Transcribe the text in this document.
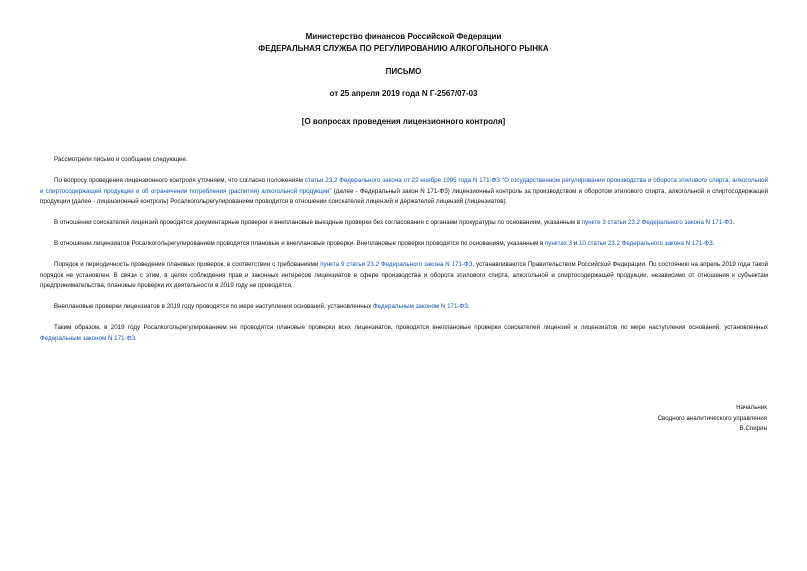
Министерство финансов Российской Федерации
ФЕДЕРАЛЬНАЯ СЛУЖБА ПО РЕГУЛИРОВАНИЮ АЛКОГОЛЬНОГО РЫНКА
ПИСЬМО
от 25 апреля 2019 года N Г-2567/07-03
[О вопросах проведения лицензионного контроля]

Рассмотрели письмо и сообщаем следующее.

По вопросу проведения лицензионного контроля уточняем, что согласно положениям статьи 23.2 Федерального закона от 22 ноября 1995 года N 171-ФЗ "О государственном регулировании производства и оборота этилового спирта, алкогольной и спиртосодержащей продукции и об ограничении потребления (распития) алкогольной продукции" (далее - Федеральный закон N 171-ФЗ) лицензионный контроль за производством и оборотом этилового спирта, алкогольной и спиртосодержащей продукции (далее - лицензионный контроль) Росалкогольрегулированием проводится в отношении соискателей лицензий и держателей лицензий (лицензиатов).

В отношении соискателей лицензий проводятся документарные проверки и внеплановые выездные проверки без согласования с органами прокуратуры по основаниям, указанным в пункте 3 статьи 23.2 Федерального закона N 171-ФЗ.

В отношении лицензиатов Росалкогольрегулированием проводятся плановые и внеплановые проверки. Внеплановые проверки проводятся по основаниям, указанным в пунктах 3 и 10 статьи 23.2 Федерального закона N 171-ФЗ.

Порядок и периодичность проведения плановых проверок, в соответствии с требованиями пункта 9 статьи 23.2 Федерального закона N 171-ФЗ, устанавливаются Правительством Российской Федерации. По состоянию на апрель 2019 года такой порядок не установлен. В связи с этим, в целях соблюдения прав и законных интересов лицензиатов в сфере производства и оборота этилового спирта, алкогольной и спиртосодержащей продукции, независимо от отношения к субъектам предпринимательства, плановые проверки их деятельности в 2019 году не проводятся.

Внеплановые проверки лицензиатов в 2019 году проводятся по мере наступления оснований, установленных Федеральным законом N 171-ФЗ.

Таким образом, в 2019 году Росалкогольрегулированием не проводятся плановые проверки всех лицензиатов, проводятся внеплановые проверки соискателей лицензий и лицензиатов по мере наступления оснований, установленных Федеральным законом N 171-ФЗ.

Начальник
Сводного аналитического управления
В.Спирин
